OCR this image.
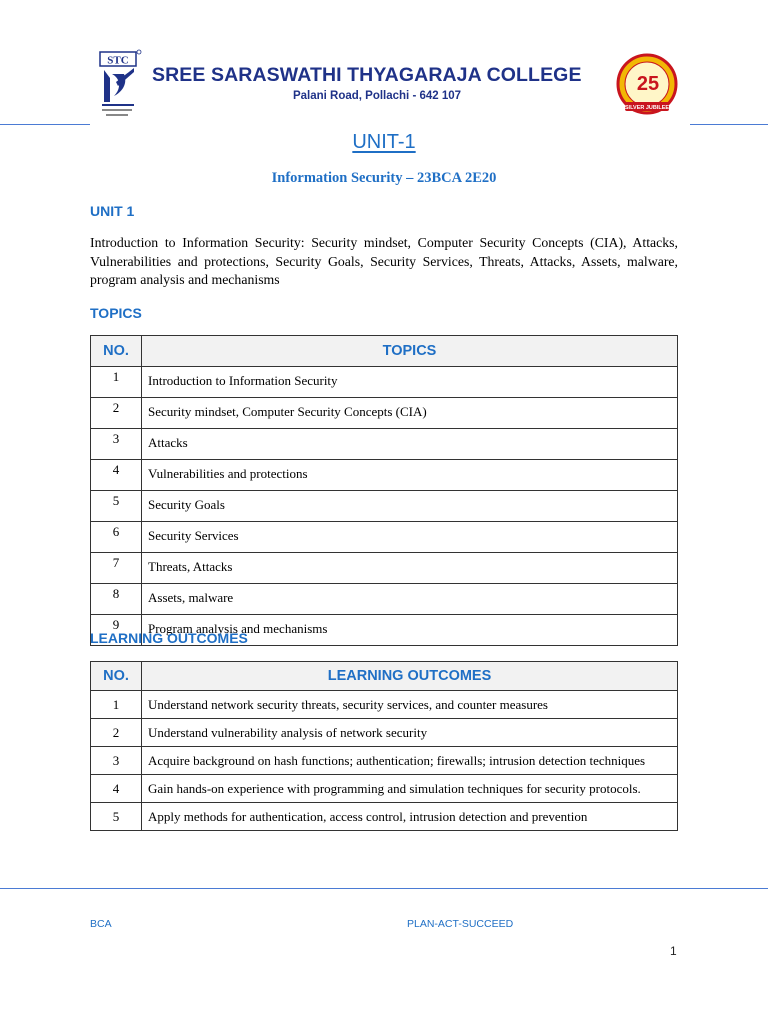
STC
SREE SARASWATHI THYAGARAJA COLLEGE
Palani Road, Pollachi - 642 107
25
SILVER JUBILEE
UNIT-1
Information Security – 23BCA 2E20
UNIT 1
Introduction to Information Security: Security mindset, Computer Security Concepts (CIA), Attacks, Vulnerabilities and protections, Security Goals, Security Services, Threats, Attacks, Assets, malware, program analysis and mechanisms
TOPICS
NO.	TOPICS
1	Introduction to Information Security
2	Security mindset, Computer Security Concepts (CIA)
3	Attacks
4	Vulnerabilities and protections
5	Security Goals
6	Security Services
7	Threats, Attacks
8	Assets, malware
9	Program analysis and mechanisms
LEARNING OUTCOMES
NO.	LEARNING OUTCOMES
1	Understand network security threats, security services, and counter measures
2	Understand vulnerability analysis of network security
3	Acquire background on hash functions; authentication; firewalls; intrusion detection techniques
4	Gain hands-on experience with programming and simulation techniques for security protocols.
5	Apply methods for authentication, access control, intrusion detection and prevention
BCA	PLAN-ACT-SUCCEED
1
